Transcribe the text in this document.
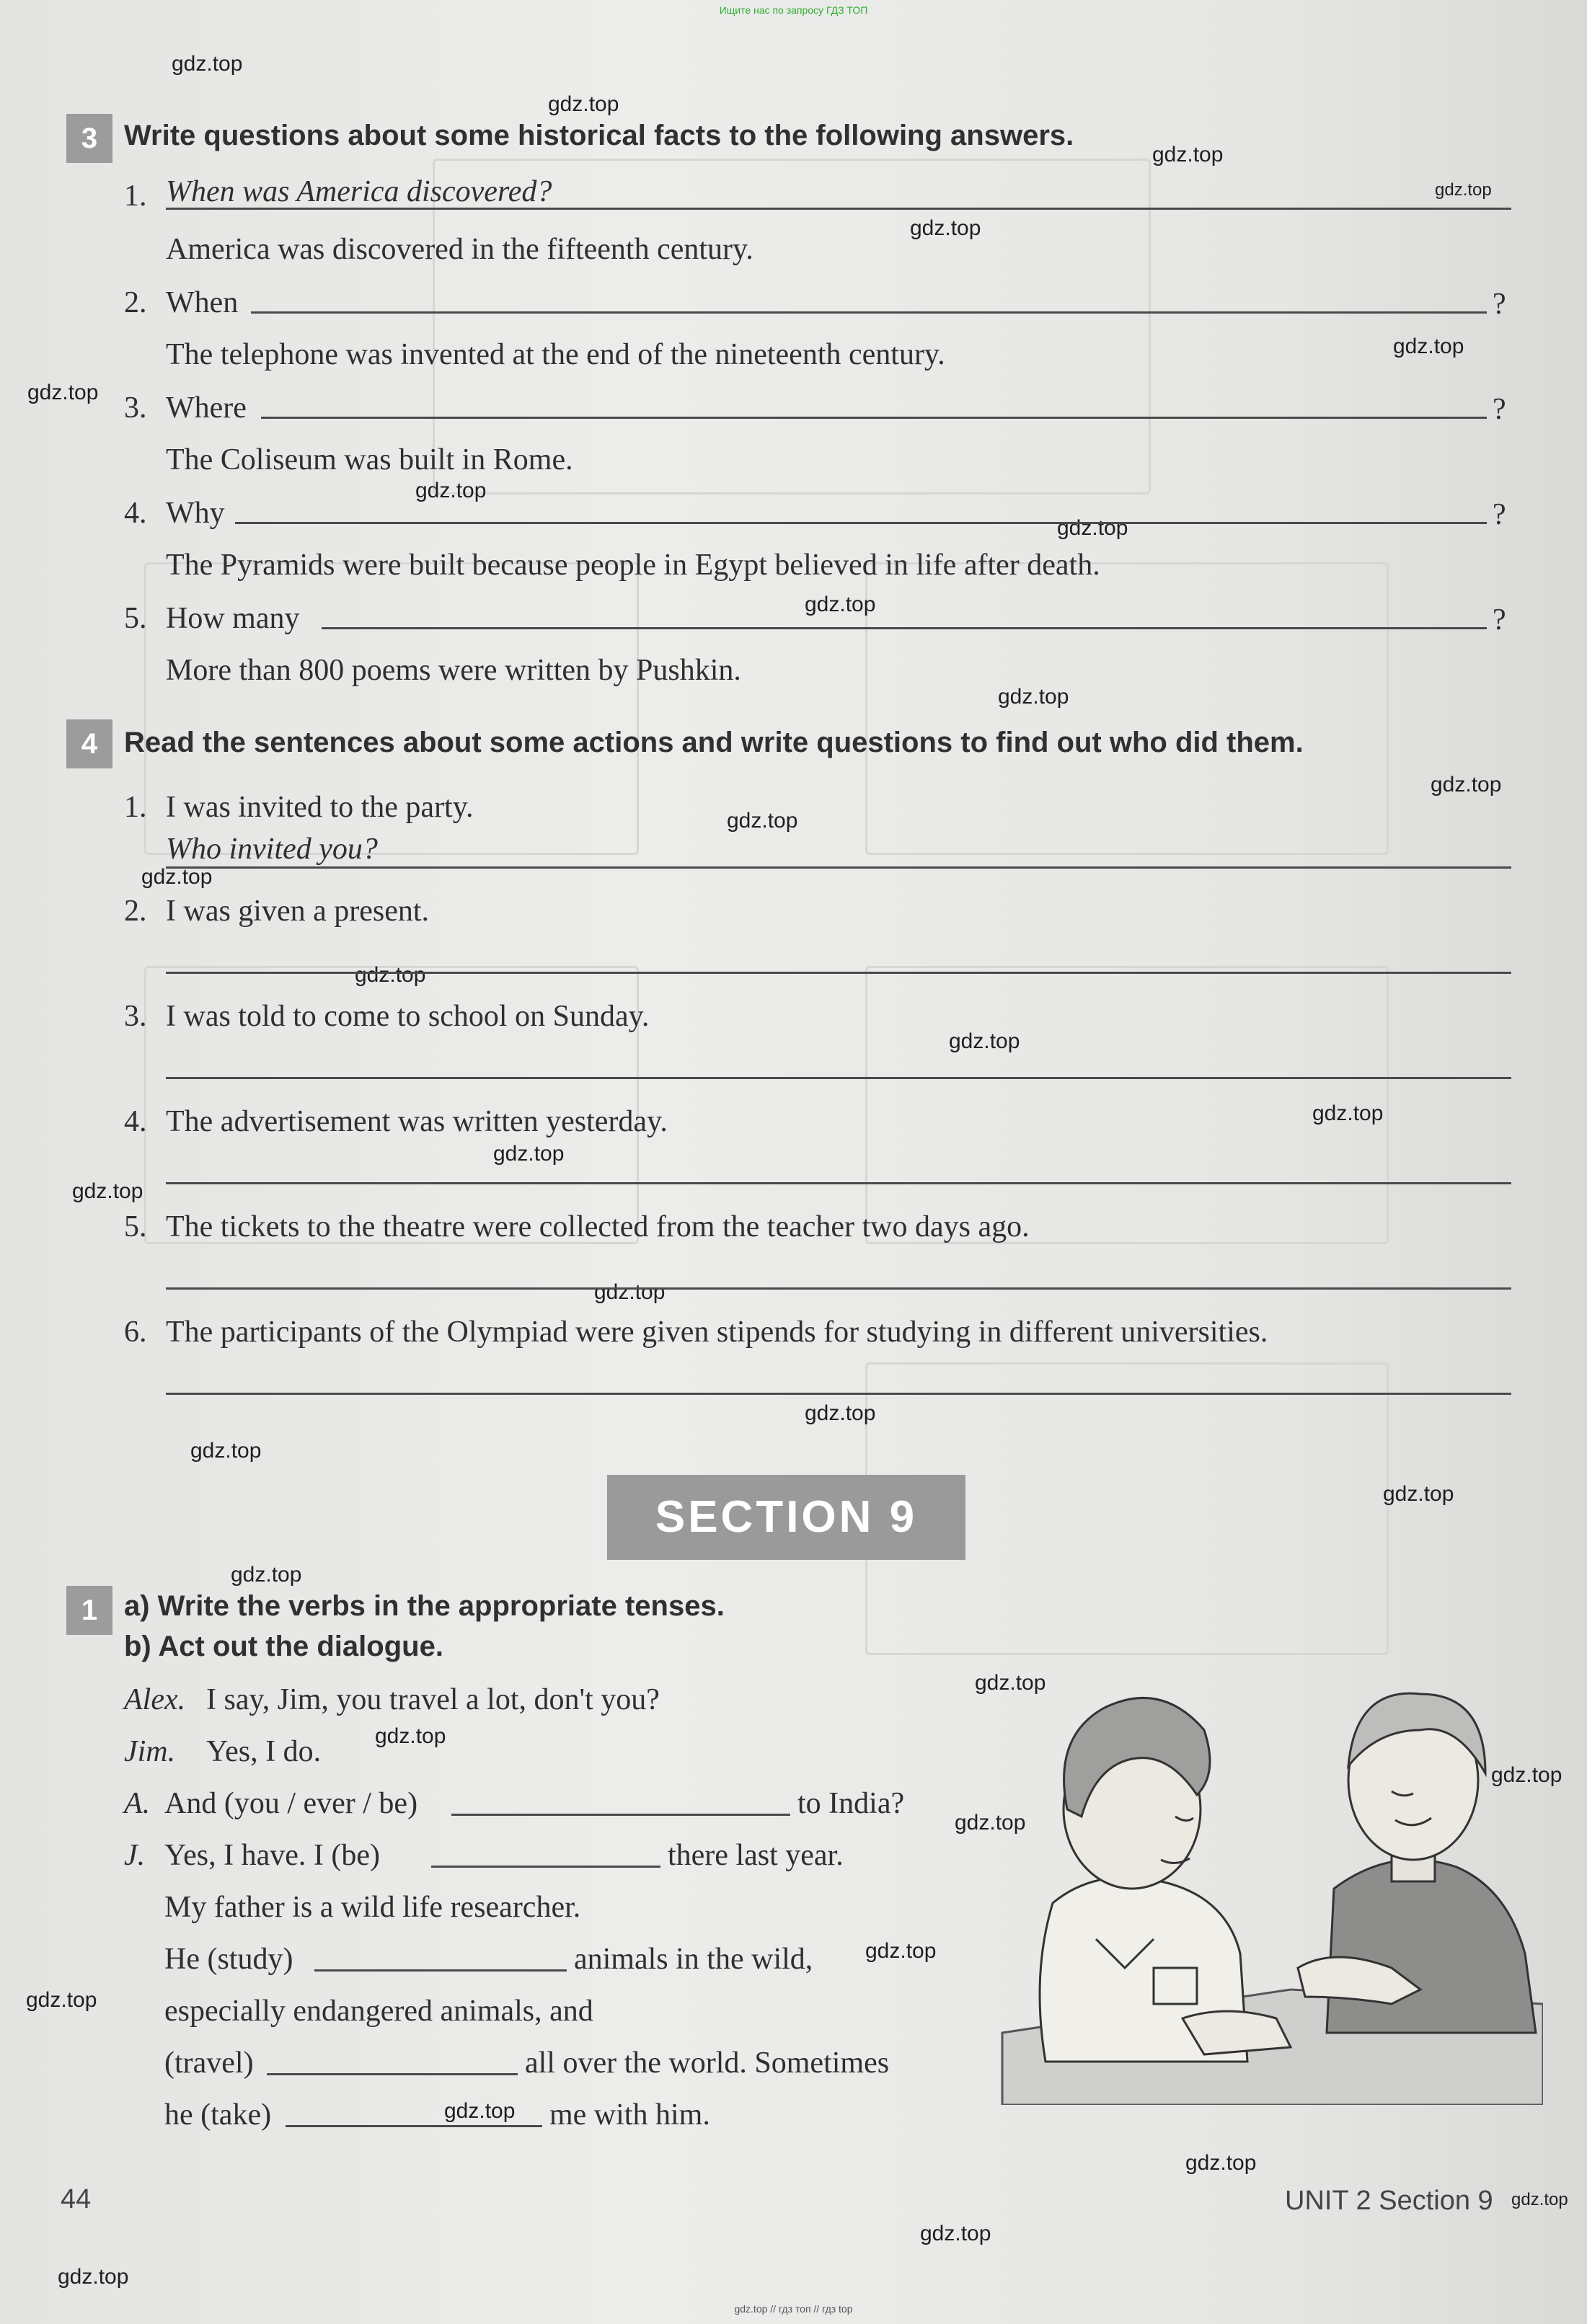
Ищите нас по запросу ГДЗ ТОП
gdz.top
gdz.top
gdz.top
gdz.top
gdz.top
gdz.top
gdz.top
gdz.top
gdz.top
gdz.top
gdz.top
gdz.top
gdz.top
gdz.top
gdz.top
gdz.top
gdz.top
gdz.top
gdz.top
gdz.top
gdz.top
gdz.top
gdz.top
gdz.top
gdz.top
gdz.top
gdz.top
gdz.top
gdz.top
gdz.top
gdz.top
gdz.top
gdz.top
gdz.top
gdz.top
3 Write questions about some historical facts to the following answers.
1. When was America discovered?
America was discovered in the fifteenth century.
2. When	?
The telephone was invented at the end of the nineteenth century.
3. Where	?
The Coliseum was built in Rome.
4. Why	?
The Pyramids were built because people in Egypt believed in life after death.
5. How many	?
More than 800 poems were written by Pushkin.
4 Read the sentences about some actions and write questions to find out who did them.
1. I was invited to the party.
Who invited you?
2. I was given a present.
3. I was told to come to school on Sunday.
4. The advertisement was written yesterday.
5. The tickets to the theatre were collected from the teacher two days ago.
6. The participants of the Olympiad were given stipends for studying in different universities.
SECTION 9
1 a) Write the verbs in the appropriate tenses.
b) Act out the dialogue.
Alex. I say, Jim, you travel a lot, don't you?
Jim. Yes, I do.
A. And (you / ever / be)	to India?
J. Yes, I have. I (be)	there last year.
My father is a wild life researcher.
He (study)	animals in the wild,
especially endangered animals, and
(travel)	all over the world. Sometimes
he (take)	me with him.
44	UNIT 2 Section 9
gdz.top // гдз топ // гдз top
